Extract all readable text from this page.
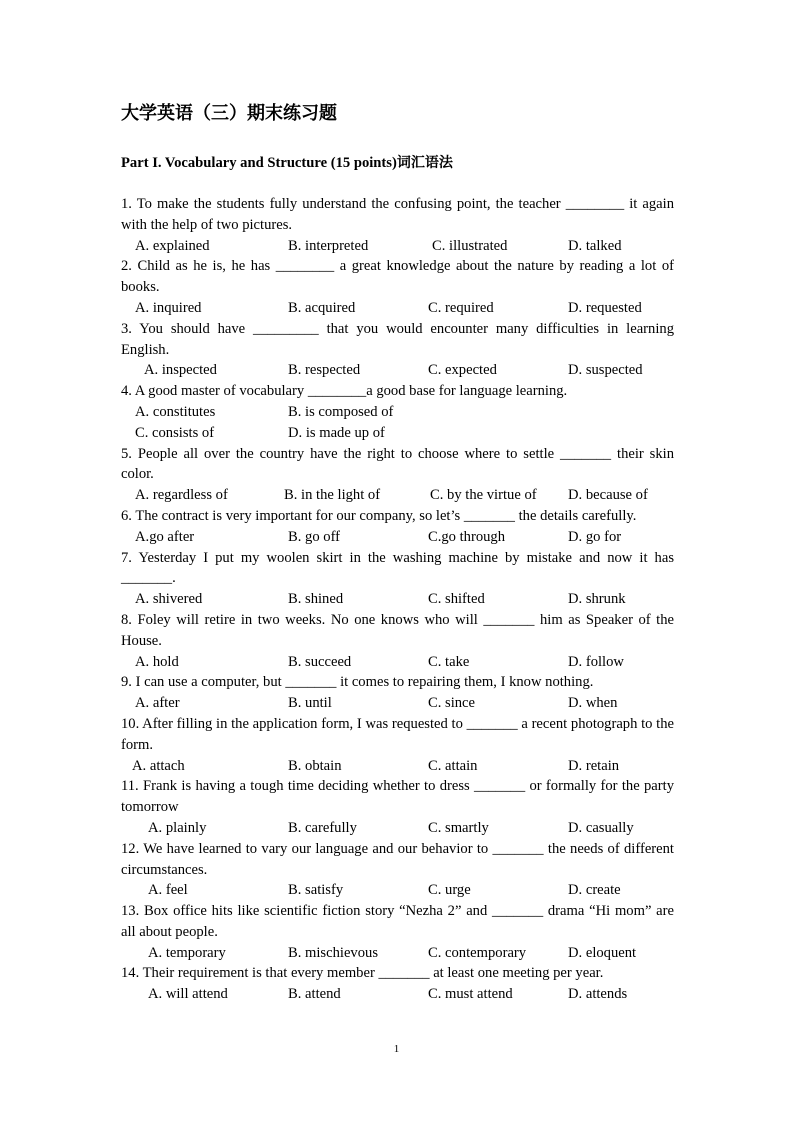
大学英语（三）期末练习题
Part I. Vocabulary and Structure (15 points)词汇语法
1. To make the students fully understand the confusing point, the teacher ________ it again with the help of two pictures.
A. explained	B. interpreted	C. illustrated	D. talked
2. Child as he is, he has ________ a great knowledge about the nature by reading a lot of books.
A. inquired	B. acquired	C. required	D. requested
3. You should have _________ that you would encounter many difficulties in learning English.
A. inspected	B. respected	C. expected	D. suspected
4. A good master of vocabulary ________a good base for language learning.
A. constitutes	B. is composed of
C. consists of	D. is made up of
5. People all over the country have the right to choose where to settle _______ their skin color.
A. regardless of	B. in the light of	C. by the virtue of D. because of
6. The contract is very important for our company, so let’s _______ the details carefully.
A.go after	B. go off	C.go through	D. go for
7. Yesterday I put my woolen skirt in the washing machine by mistake and now it has _______.
A. shivered	B. shined	C. shifted	D. shrunk
8. Foley will retire in two weeks. No one knows who will _______ him as Speaker of the House.
A. hold	B. succeed	C. take	D. follow
9. I can use a computer, but _______ it comes to repairing them, I know nothing.
A. after	B. until	C. since	D. when
10. After filling in the application form, I was requested to _______ a recent photograph to the form.
A. attach	B. obtain	C. attain	D. retain
11. Frank is having a tough time deciding whether to dress _______ or formally for the party tomorrow
A. plainly	B. carefully	C. smartly	D. casually
12. We have learned to vary our language and our behavior to _______ the needs of different circumstances.
A. feel	B. satisfy	C. urge	D. create
13. Box office hits like scientific fiction story “Nezha 2” and _______ drama “Hi mom” are all about people.
A. temporary	B. mischievous	C. contemporary	D. eloquent
14. Their requirement is that every member _______ at least one meeting per year.
A. will attend	B. attend	C. must attend	D. attends
1
